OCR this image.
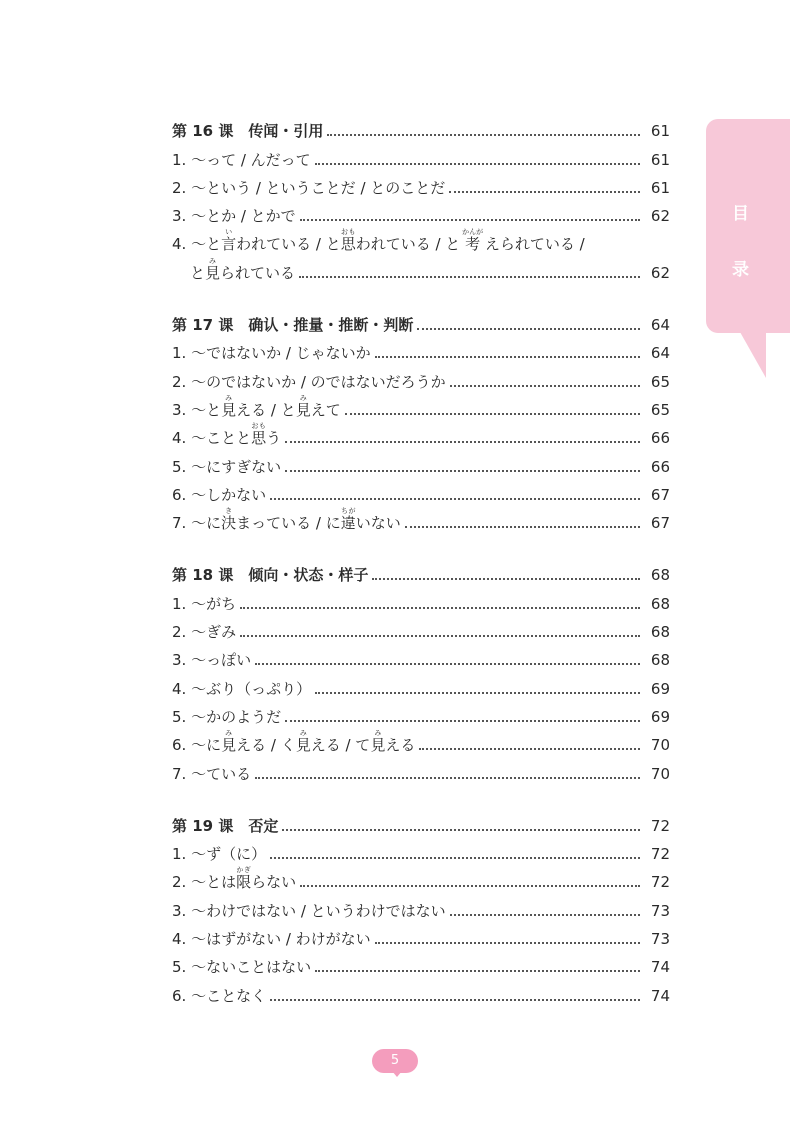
目
录
第 16 课　传闻・引用	61
1. ～って / んだって	61
2. ～という / ということだ / とのことだ	61
3. ～とか / とかで	62
4. ～と言いわれている / と思おもわれている / と 考かんが えられている /
と見みられている	62
第 17 课　确认・推量・推断・判断	64
1. ～ではないか / じゃないか	64
2. ～のではないか / のではないだろうか	65
3. ～と見みえる / と見みえて	65
4. ～ことと思おもう	66
5. ～にすぎない	66
6. ～しかない	67
7. ～に決きまっている / に違ちがいない	67
第 18 课　倾向・状态・样子	68
1. ～がち	68
2. ～ぎみ	68
3. ～っぽい	68
4. ～ぶり（っぷり）	69
5. ～かのようだ	69
6. ～に見みえる / く見みえる / て見みえる	70
7. ～ている	70
第 19 课　否定	72
1. ～ず（に）	72
2. ～とは限かぎらない	72
3. ～わけではない / というわけではない	73
4. ～はずがない / わけがない	73
5. ～ないことはない	74
6. ～ことなく	74
5
